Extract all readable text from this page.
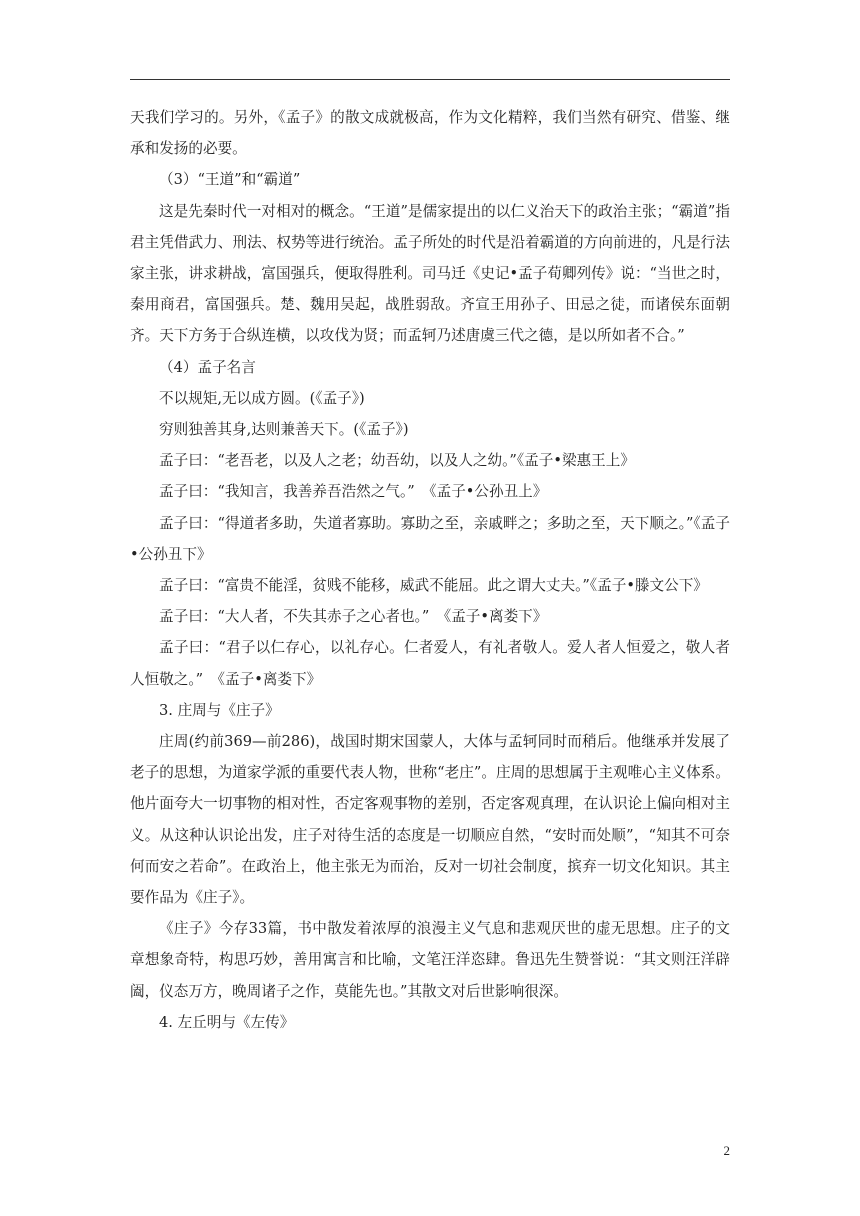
天我们学习的。另外，《孟子》的散文成就极高，作为文化精粹，我们当然有研究、借鉴、继承和发扬的必要。

（3）“王道”和“霸道”

这是先秦时代一对相对的概念。“王道”是儒家提出的以仁义治天下的政治主张；“霸道”指君主凭借武力、刑法、权势等进行统治。孟子所处的时代是沿着霸道的方向前进的，凡是行法家主张，讲求耕战，富国强兵，便取得胜利。司马迁《史记•孟子荀卿列传》说：“当世之时，秦用商君，富国强兵。楚、魏用吴起，战胜弱敌。齐宣王用孙子、田忌之徒，而诸侯东面朝齐。天下方务于合纵连横，以攻伐为贤；而孟轲乃述唐虞三代之德，是以所如者不合。”

（4）孟子名言

不以规矩,无以成方圆。(《孟子》)

穷则独善其身,达则兼善天下。(《孟子》)

孟子曰：“老吾老，以及人之老；幼吾幼，以及人之幼。”《孟子•梁惠王上》

孟子曰：“我知言，我善养吾浩然之气。”　《孟子•公孙丑上》

孟子曰：“得道者多助，失道者寡助。寡助之至，亲戚畔之；多助之至，天下顺之。”《孟子•公孙丑下》

孟子曰：“富贵不能淫，贫贱不能移，威武不能屈。此之谓大丈夫。”《孟子•滕文公下》

孟子曰：“大人者，不失其赤子之心者也。”　《孟子•离娄下》

孟子曰：“君子以仁存心，以礼存心。仁者爱人，有礼者敬人。爱人者人恒爱之，敬人者人恒敬之。”　《孟子•离娄下》

3. 庄周与《庄子》

庄周(约前369—前286)，战国时期宋国蒙人，大体与孟轲同时而稍后。他继承并发展了老子的思想，为道家学派的重要代表人物，世称“老庄”。庄周的思想属于主观唯心主义体系。他片面夸大一切事物的相对性，否定客观事物的差别，否定客观真理，在认识论上偏向相对主义。从这种认识论出发，庄子对待生活的态度是一切顺应自然，“安时而处顺”，“知其不可奈何而安之若命”。在政治上，他主张无为而治，反对一切社会制度，摈弃一切文化知识。其主要作品为《庄子》。

《庄子》今存33篇，书中散发着浓厚的浪漫主义气息和悲观厌世的虚无思想。庄子的文章想象奇特，构思巧妙，善用寓言和比喻，文笔汪洋恣肆。鲁迅先生赞誉说：“其文则汪洋辟阖，仪态万方，晚周诸子之作，莫能先也。”其散文对后世影响很深。

4. 左丘明与《左传》

2
